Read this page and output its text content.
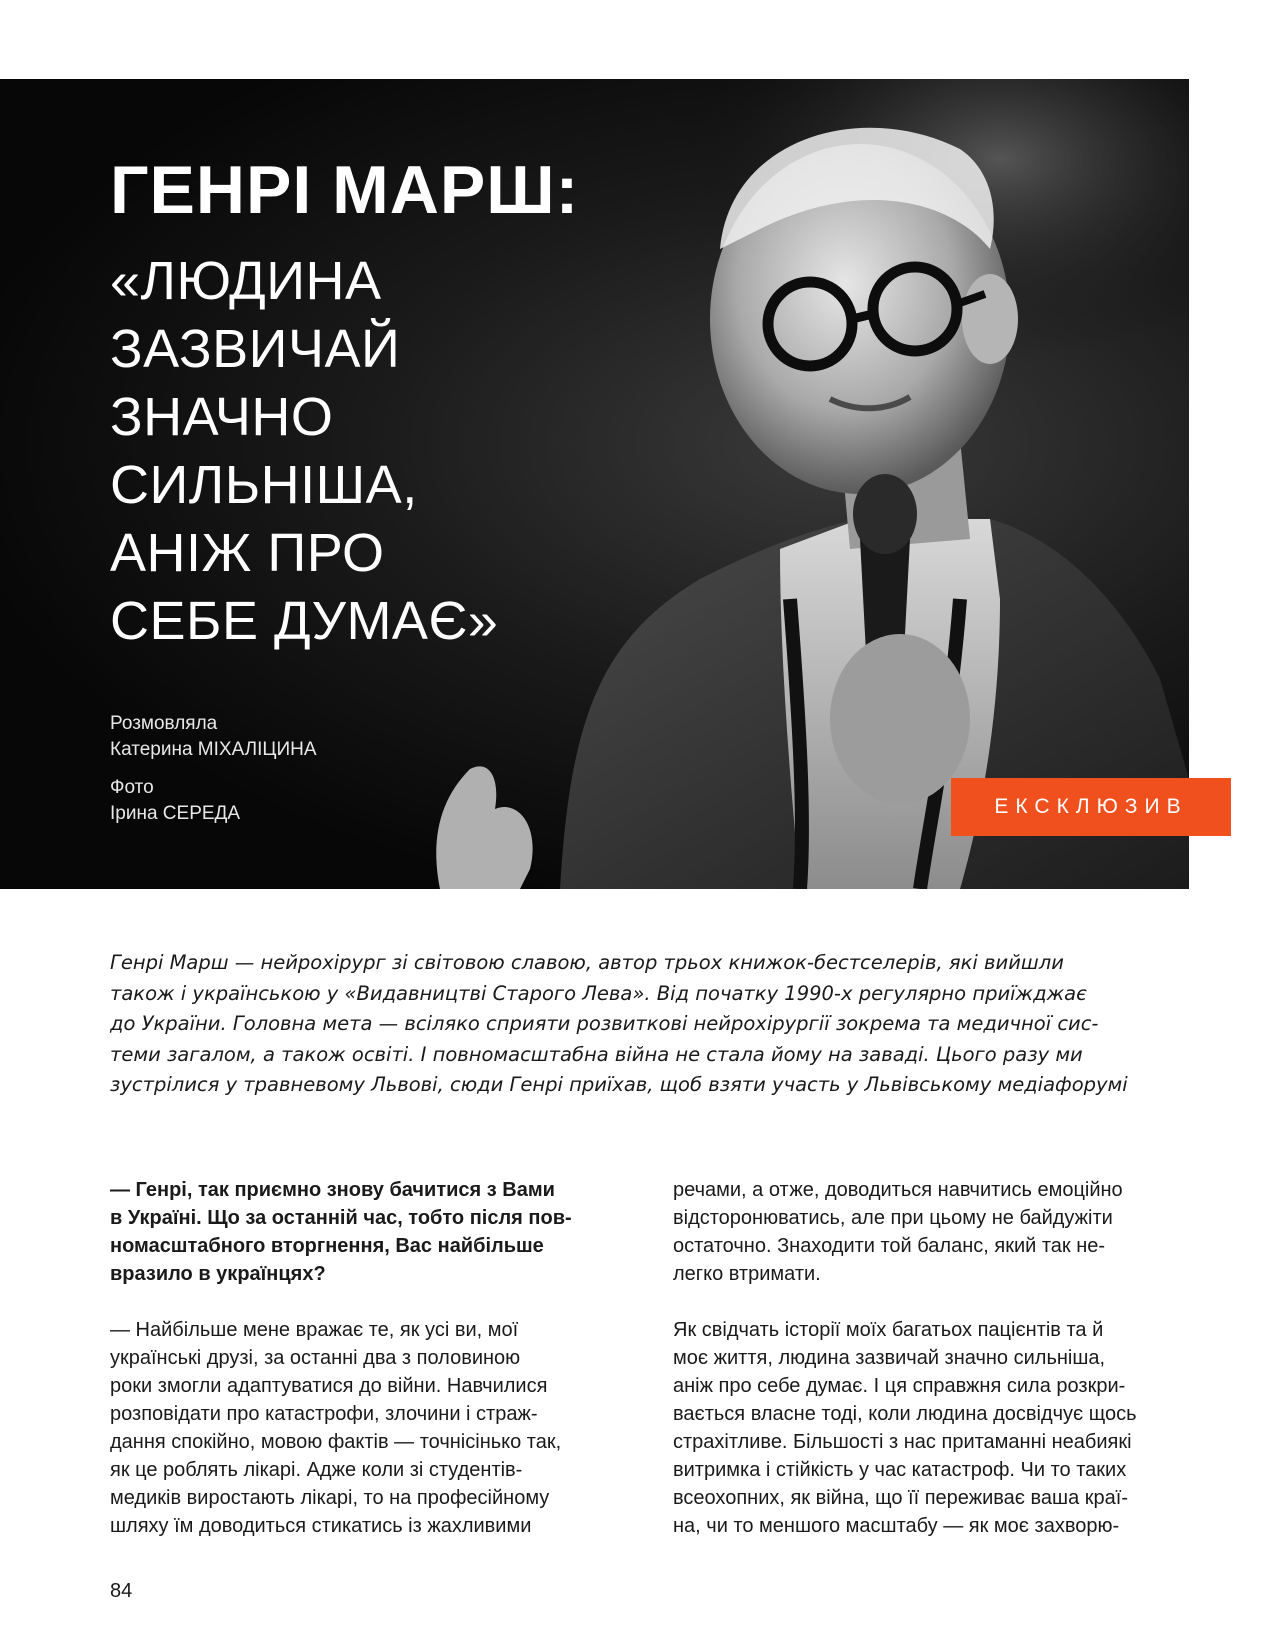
ГЕНРІ МАРШ:
«ЛЮДИНА
ЗАЗВИЧАЙ
ЗНАЧНО
СИЛЬНІША,
АНІЖ ПРО
СЕБЕ ДУМАЄ»
Розмовляла
Катерина МІХАЛІЦИНА
Фото
Ірина СЕРЕДА	ЕКСКЛЮЗИВ
Генрі Марш — нейрохірург зі світовою славою, автор трьох книжок-бестселерів, які вийшли
також і українською у «Видавництві Старого Лева». Від початку 1990-х регулярно приїжджає
до України. Головна мета — всіляко сприяти розвиткові нейрохірургії зокрема та медичної сис-
теми загалом, а також освіті. І повномасштабна війна не стала йому на заваді. Цього разу ми
зустрілися у травневому Львові, сюди Генрі приїхав, щоб взяти участь у Львівському медіафорумі
— Генрі, так приємно знову бачитися з Вами
в Україні. Що за останній час, тобто після пов-
номасштабного вторгнення, Вас найбільше
вразило в українцях?
— Найбільше мене вражає те, як усі ви, мої
українські друзі, за останні два з половиною
роки змогли адаптуватися до війни. Навчилися
розповідати про катастрофи, злочини і страж-
дання спокійно, мовою фактів — точнісінько так,
як це роблять лікарі. Адже коли зі студентів-
медиків виростають лікарі, то на професійному
шляху їм доводиться стикатись із жахливими
речами, а отже, доводиться навчитись емоційно
відсторонюватись, але при цьому не байдужіти
остаточно. Знаходити той баланс, який так не-
легко втримати.
Як свідчать історії моїх багатьох пацієнтів та й
моє життя, людина зазвичай значно сильніша,
аніж про себе думає. І ця справжня сила розкри-
вається власне тоді, коли людина досвідчує щось
страхітливе. Більшості з нас притаманні неабиякі
витримка і стійкість у час катастроф. Чи то таких
всеохопних, як війна, що її переживає ваша краї-
на, чи то меншого масштабу — як моє захворю-
84
